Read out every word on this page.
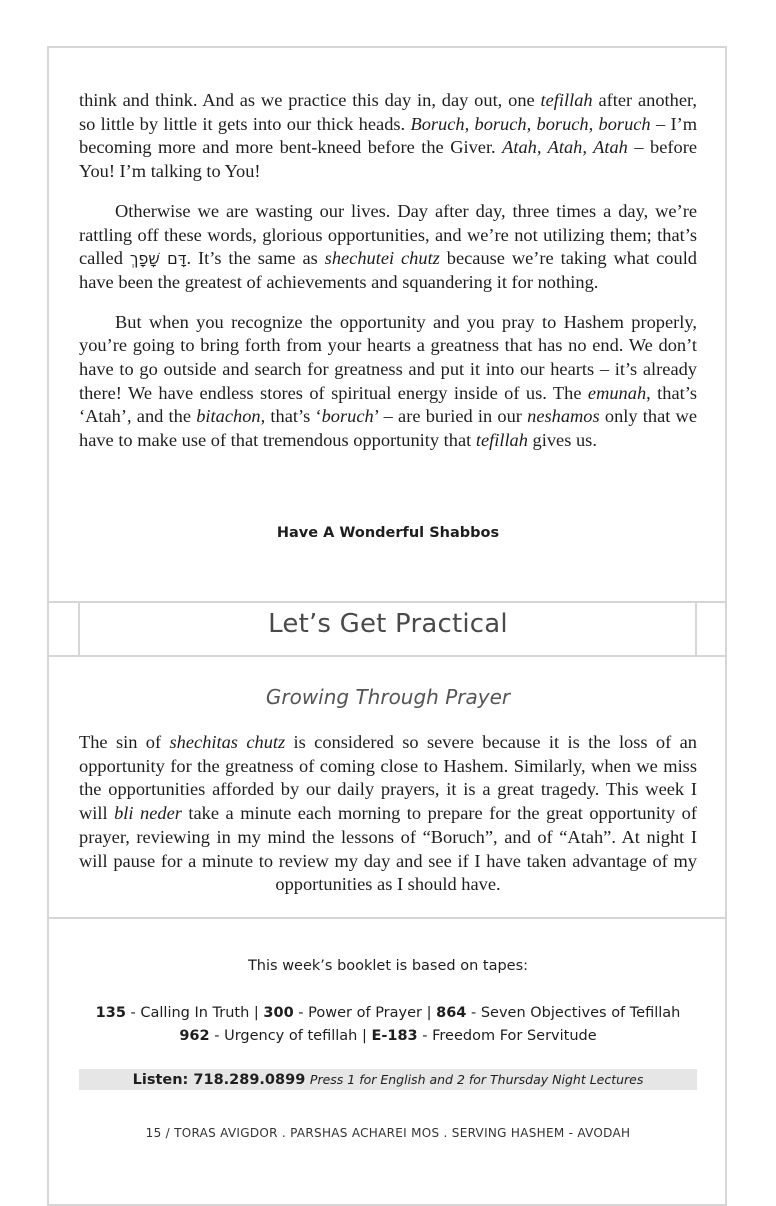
think and think. And as we practice this day in, day out, one tefillah after another, so little by little it gets into our thick heads. Boruch, boruch, boruch, boruch – I’m becoming more and more bent-kneed before the Giver. Atah, Atah, Atah – before You! I’m talking to You!

Otherwise we are wasting our lives. Day after day, three times a day, we’re rattling off these words, glorious opportunities, and we’re not utilizing them; that’s called דָּם שָׁפָךְ. It’s the same as shechutei chutz because we’re taking what could have been the greatest of achievements and squandering it for nothing.

But when you recognize the opportunity and you pray to Hashem properly, you’re going to bring forth from your hearts a greatness that has no end. We don’t have to go outside and search for greatness and put it into our hearts – it’s already there! We have endless stores of spiritual energy inside of us. The emunah, that’s ‘Atah’, and the bitachon, that’s ‘boruch’ – are buried in our neshamos only that we have to make use of that tremendous opportunity that tefillah gives us.

Have A Wonderful Shabbos
Let’s Get Practical
Growing Through Prayer

The sin of shechitas chutz is considered so severe because it is the loss of an opportunity for the greatness of coming close to Hashem. Similarly, when we miss the opportunities afforded by our daily prayers, it is a great tragedy. This week I will bli neder take a minute each morning to prepare for the great opportunity of prayer, reviewing in my mind the lessons of “Boruch”, and of “Atah”. At night I will pause for a minute to review my day and see if I have taken advantage of my opportunities as I should have.

This week’s booklet is based on tapes:
135 - Calling In Truth | 300 - Power of Prayer | 864 - Seven Objectives of Tefillah
962 - Urgency of tefillah | E-183 - Freedom For Servitude
Listen: 718.289.0899 Press 1 for English and 2 for Thursday Night Lectures
15 / TORAS AVIGDOR . PARSHAS ACHAREI MOS . SERVING HASHEM - AVODAH
